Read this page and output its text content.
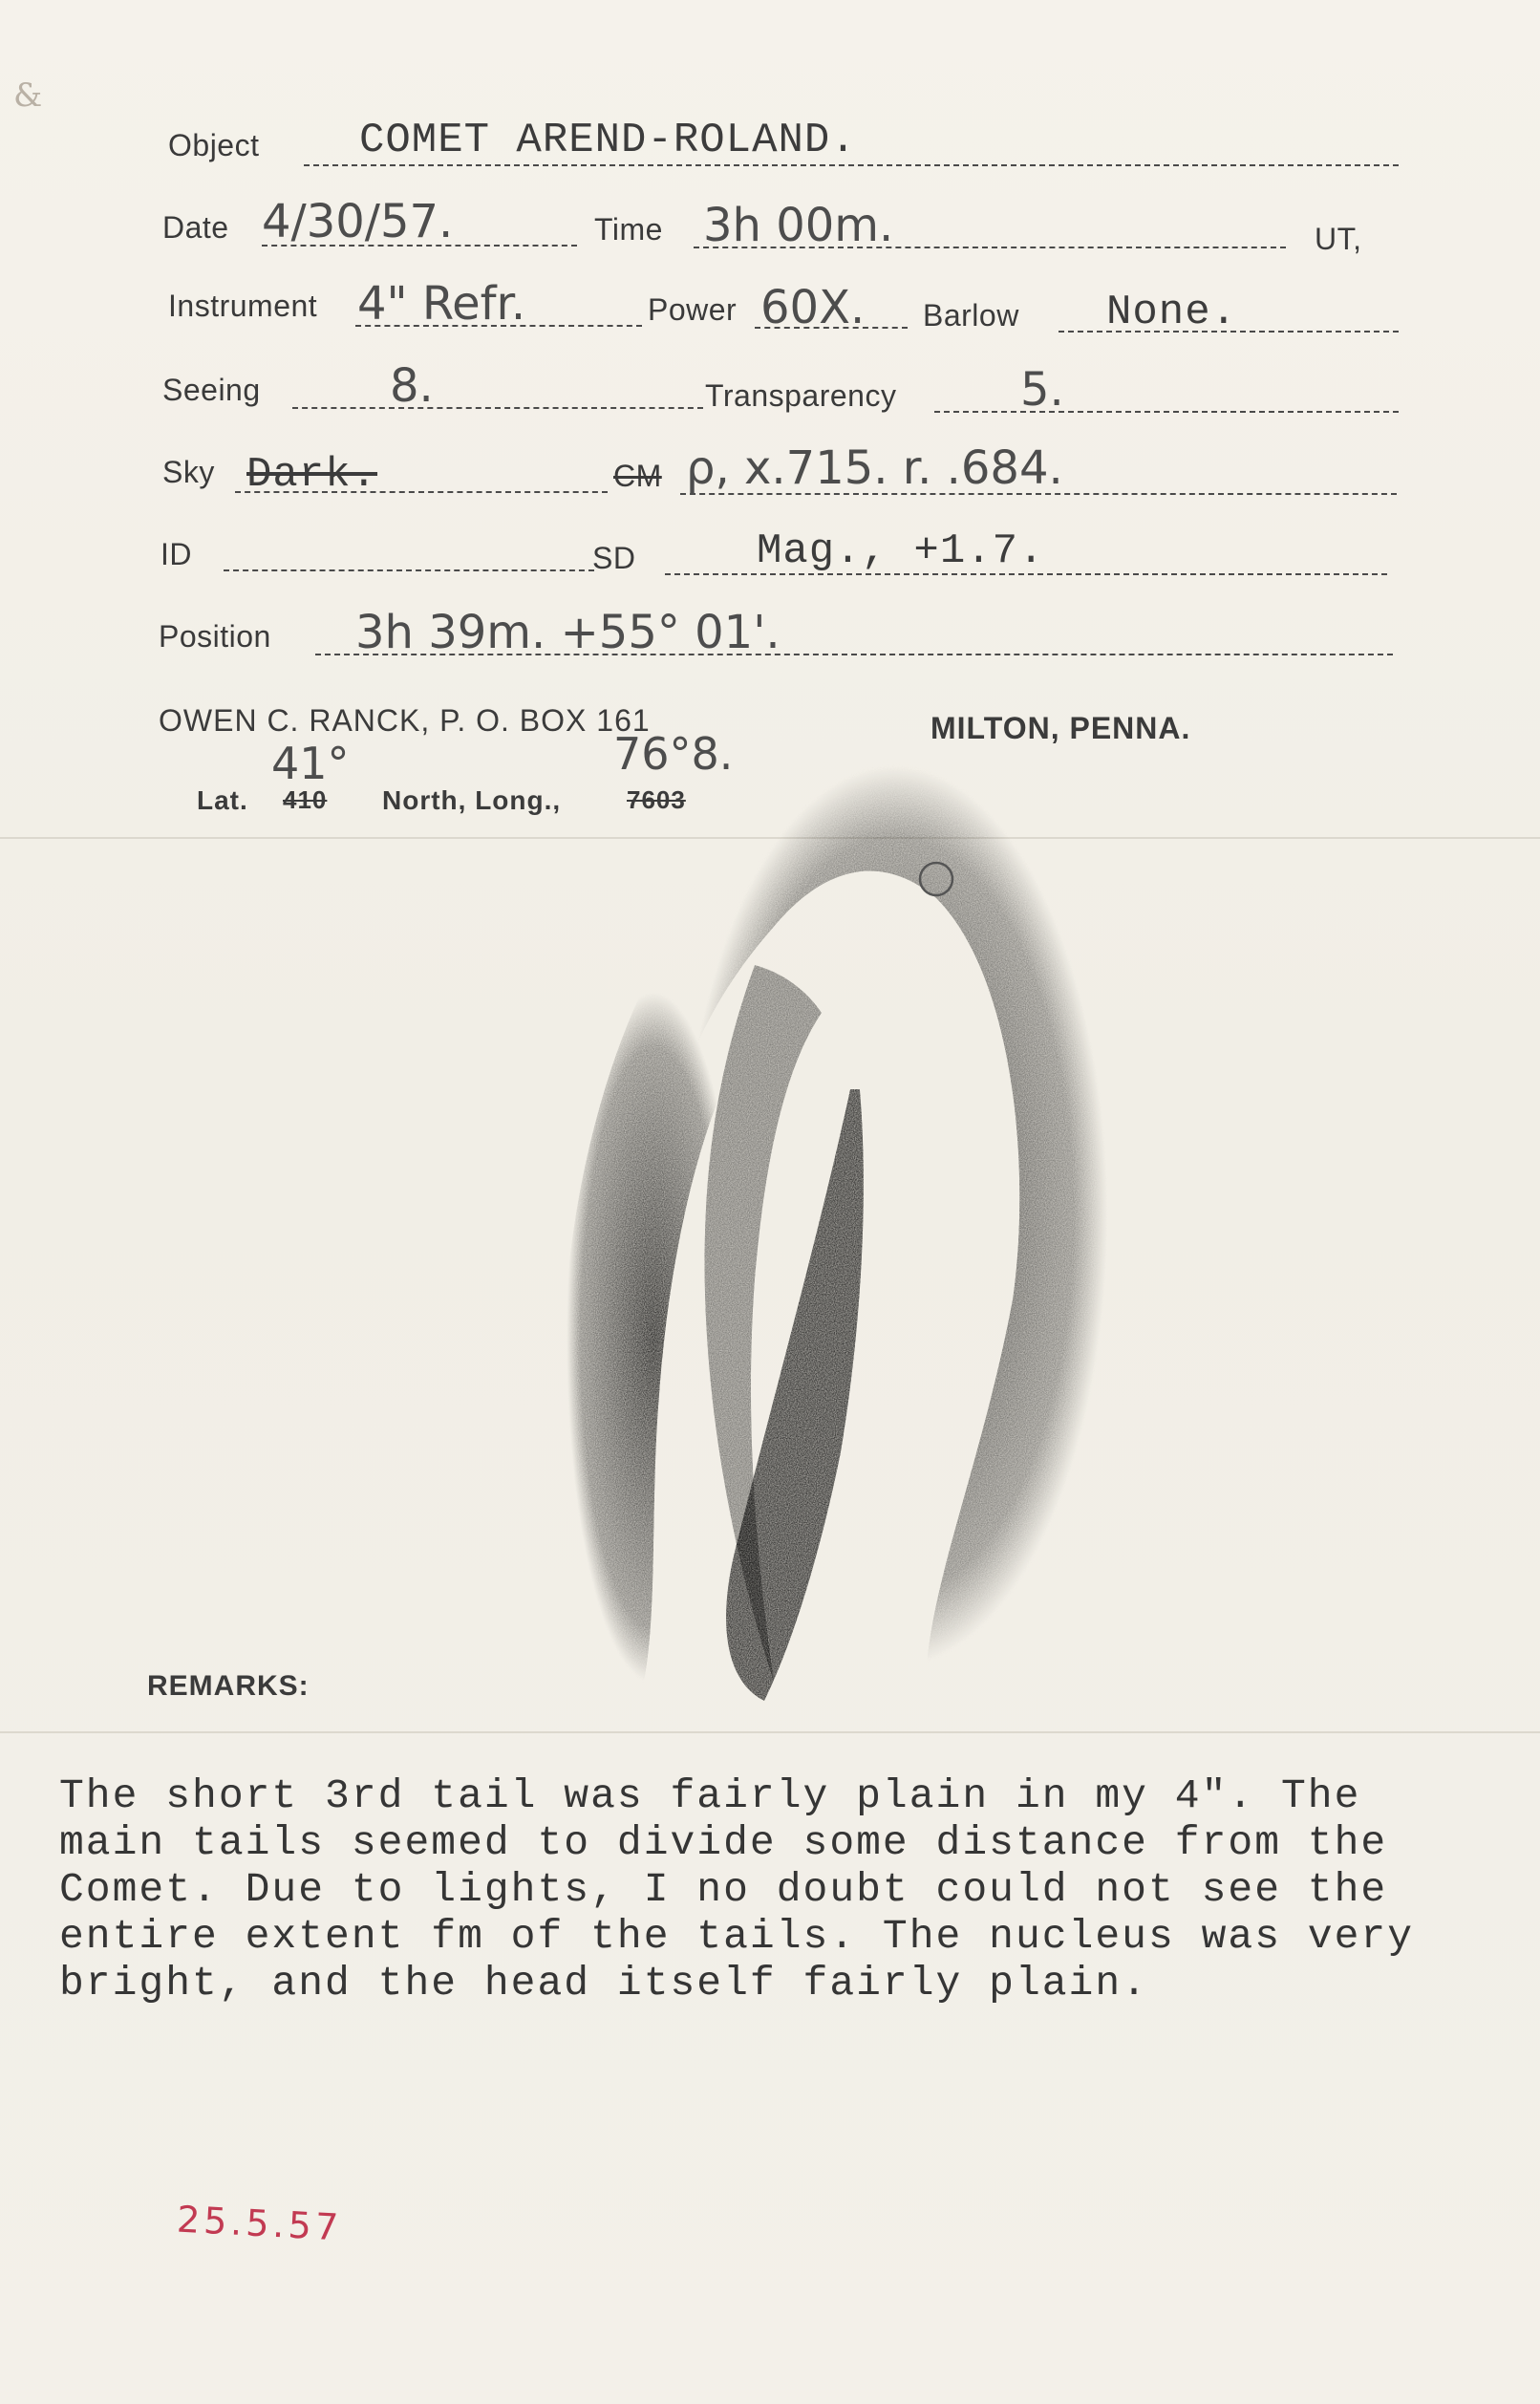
&
Object COMET AREND-ROLAND.
Date 4/30/57.	Time 3h 00m.	UT,
Instrument 4" Refr.	Power 60X. Barlow None.
Seeing	8.	Transparency	5.
Sky Dark.	CM ρ, x.715. r. .684.
ID	SD	Mag., +1.7.
Position 3h 39m. +55° 01'.
OWEN C. RANCK, P. O. BOX 161	MILTON, PENNA.
41°	76°8.
Lat. 410 North, Long.,	7603
REMARKS:
The short 3rd tail was fairly plain in my 4". The
main tails seemed to divide some distance from the
Comet. Due to lights, I no doubt could not see the
entire extent fm of the tails. The nucleus was very
bright, and the head itself fairly plain.
25.5.57
